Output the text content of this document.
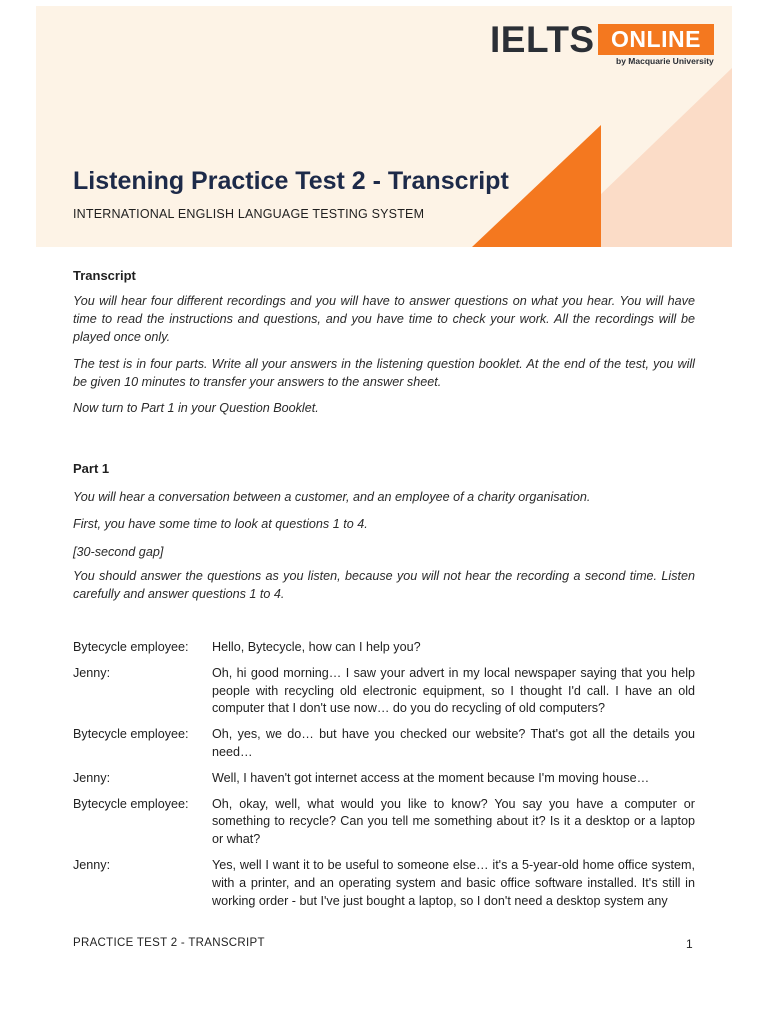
IELTS ONLINE
by Macquarie University
Listening Practice Test 2 - Transcript
INTERNATIONAL ENGLISH LANGUAGE TESTING SYSTEM
Transcript
You will hear four different recordings and you will have to answer questions on what you hear. You will have time to read the instructions and questions, and you have time to check your work. All the recordings will be played once only.
The test is in four parts. Write all your answers in the listening question booklet. At the end of the test, you will be given 10 minutes to transfer your answers to the answer sheet.
Now turn to Part 1 in your Question Booklet.
Part 1
You will hear a conversation between a customer, and an employee of a charity organisation.
First, you have some time to look at questions 1 to 4.
[30-second gap]
You should answer the questions as you listen, because you will not hear the recording a second time. Listen carefully and answer questions 1 to 4.
Bytecycle employee:	Hello, Bytecycle, how can I help you?
Jenny:	Oh, hi good morning… I saw your advert in my local newspaper saying that you help people with recycling old electronic equipment, so I thought I'd call. I have an old computer that I don't use now… do you do recycling of old computers?
Bytecycle employee:	Oh, yes, we do… but have you checked our website? That's got all the details you need…
Jenny:	Well, I haven't got internet access at the moment because I'm moving house…
Bytecycle employee:	Oh, okay, well, what would you like to know? You say you have a computer or something to recycle? Can you tell me something about it? Is it a desktop or a laptop or what?
Jenny:	Yes, well I want it to be useful to someone else… it's a 5-year-old home office system, with a printer, and an operating system and basic office software installed. It's still in working order - but I've just bought a laptop, so I don't need a desktop system any
PRACTICE TEST 2 - TRANSCRIPT	1
